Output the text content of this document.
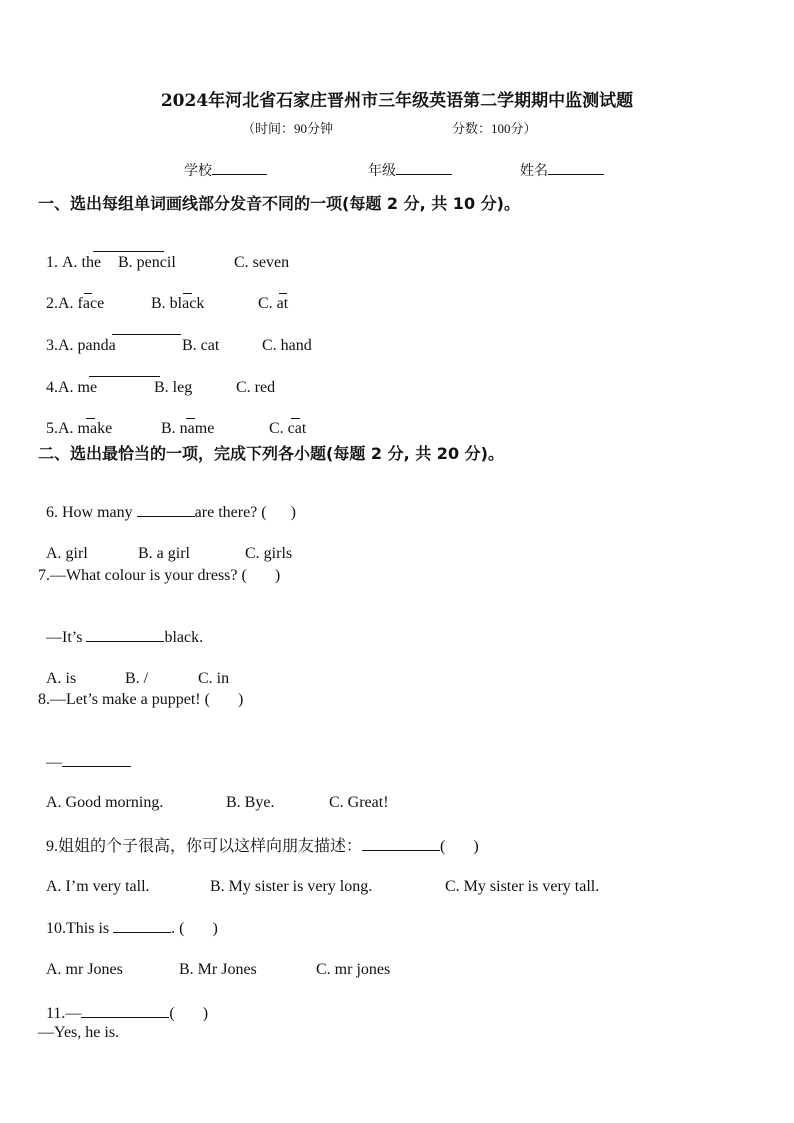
2024年河北省石家庄晋州市三年级英语第二学期期中监测试题
（时间：90分钟	分数：100分）
学校	年级	姓名
一、选出每组单词画线部分发音不同的一项(每题 2 分, 共 10 分)。

1. A. the B. pencil	C. seven

2.A. face	B. black	C. at

3.A. panda	B. cat	C. hand

4.A. me	B. leg	C. red

5.A. make	B. name	C. cat

二、选出最恰当的一项，完成下列各小题(每题 2 分, 共 20 分)。

6. How many	are there? (      )

A. girl	B. a girl	C. girls

7.—What colour is your dress? (       )

—It’s	black.

A. is	B. /	C. in

8.—Let’s make a puppet! (       )

—

A. Good morning.	B. Bye.	C. Great!

9.姐姐的个子很高，你可以这样向朋友描述：	(       )

A. I’m very tall.	B. My sister is very long.	C. My sister is very tall.

10.This is	. (       )

A. mr Jones	B. Mr Jones	C. mr jones

11.—	(       )

—Yes, he is.
